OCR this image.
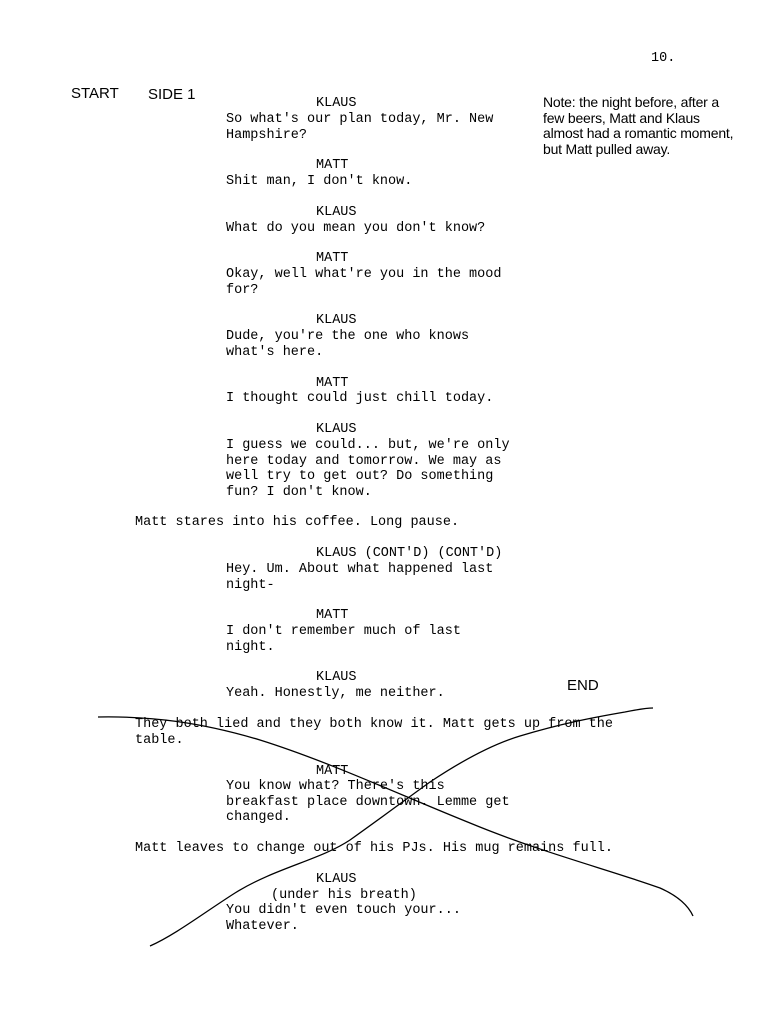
10.
START SIDE 1	Note: the night before, after a
few beers, Matt and Klaus
almost had a romantic moment,
but Matt pulled away.
END
KLAUS
So what's our plan today, Mr. New
Hampshire?
MATT
Shit man, I don't know.
KLAUS
What do you mean you don't know?
MATT
Okay, well what're you in the mood
for?
KLAUS
Dude, you're the one who knows
what's here.
MATT
I thought could just chill today.
KLAUS
I guess we could... but, we're only
here today and tomorrow. We may as
well try to get out? Do something
fun? I don't know.
Matt stares into his coffee. Long pause.
KLAUS (CONT'D) (CONT'D)
Hey. Um. About what happened last
night-
MATT
I don't remember much of last
night.
KLAUS
Yeah. Honestly, me neither.
They both lied and they both know it. Matt gets up from the
table.
MATT
You know what? There's this
breakfast place downtown. Lemme get
changed.
Matt leaves to change out of his PJs. His mug remains full.
KLAUS
(under his breath)
You didn't even touch your...
Whatever.
